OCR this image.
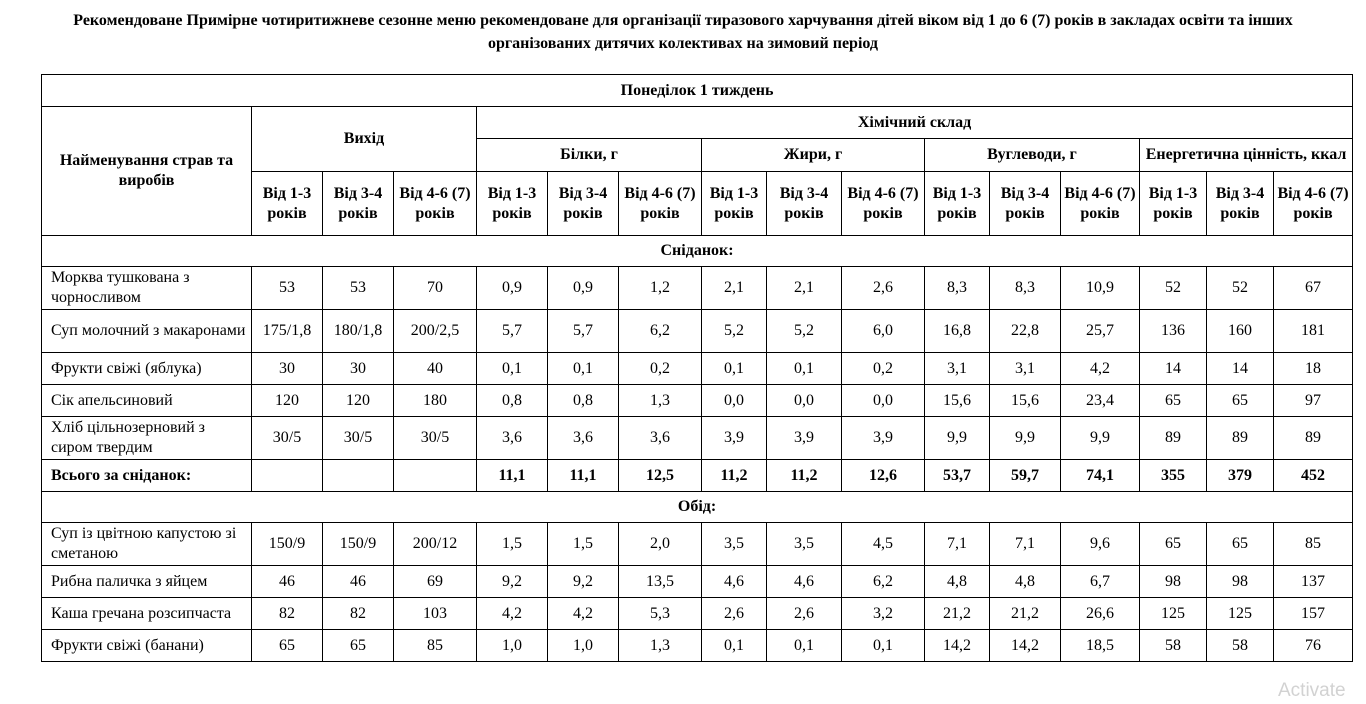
Рекомендоване Примірне чотиритижневе сезонне меню рекомендоване для організації тиразового харчування дітей віком від 1 до 6 (7) років в закладах освіти та інших організованих дитячих колективах на зимовий період
Понеділок 1 тиждень															
Найменування страв та виробів	Вихід			Хімічний склад											
				Білки, г			Жири, г			Вуглеводи, г			Енергетична цінність, ккал		
	Від 1-3 років	Від 3-4 років	Від 4-6 (7) років	Від 1-3 років	Від 3-4 років	Від 4-6 (7) років	Від 1-3 років	Від 3-4 років	Від 4-6 (7) років	Від 1-3 років	Від 3-4 років	Від 4-6 (7) років	Від 1-3 років	Від 3-4 років	Від 4-6 (7) років
Сніданок:															
Морква тушкована з чорносливом	53	53	70	0,9	0,9	1,2	2,1	2,1	2,6	8,3	8,3	10,9	52	52	67
Суп молочний з макаронами	175/1,8	180/1,8	200/2,5	5,7	5,7	6,2	5,2	5,2	6,0	16,8	22,8	25,7	136	160	181
Фрукти свіжі (яблука)	30	30	40	0,1	0,1	0,2	0,1	0,1	0,2	3,1	3,1	4,2	14	14	18
Сік апельсиновий	120	120	180	0,8	0,8	1,3	0,0	0,0	0,0	15,6	15,6	23,4	65	65	97
Хліб цільнозерновий з сиром твердим	30/5	30/5	30/5	3,6	3,6	3,6	3,9	3,9	3,9	9,9	9,9	9,9	89	89	89
Всього за сніданок:				11,1	11,1	12,5	11,2	11,2	12,6	53,7	59,7	74,1	355	379	452
Обід:															
Суп із цвітною капустою зі сметаною	150/9	150/9	200/12	1,5	1,5	2,0	3,5	3,5	4,5	7,1	7,1	9,6	65	65	85
Рибна паличка з яйцем	46	46	69	9,2	9,2	13,5	4,6	4,6	6,2	4,8	4,8	6,7	98	98	137
Каша гречана розсипчаста	82	82	103	4,2	4,2	5,3	2,6	2,6	3,2	21,2	21,2	26,6	125	125	157
Фрукти свіжі (банани)	65	65	85	1,0	1,0	1,3	0,1	0,1	0,1	14,2	14,2	18,5	58	58	76
Activate
